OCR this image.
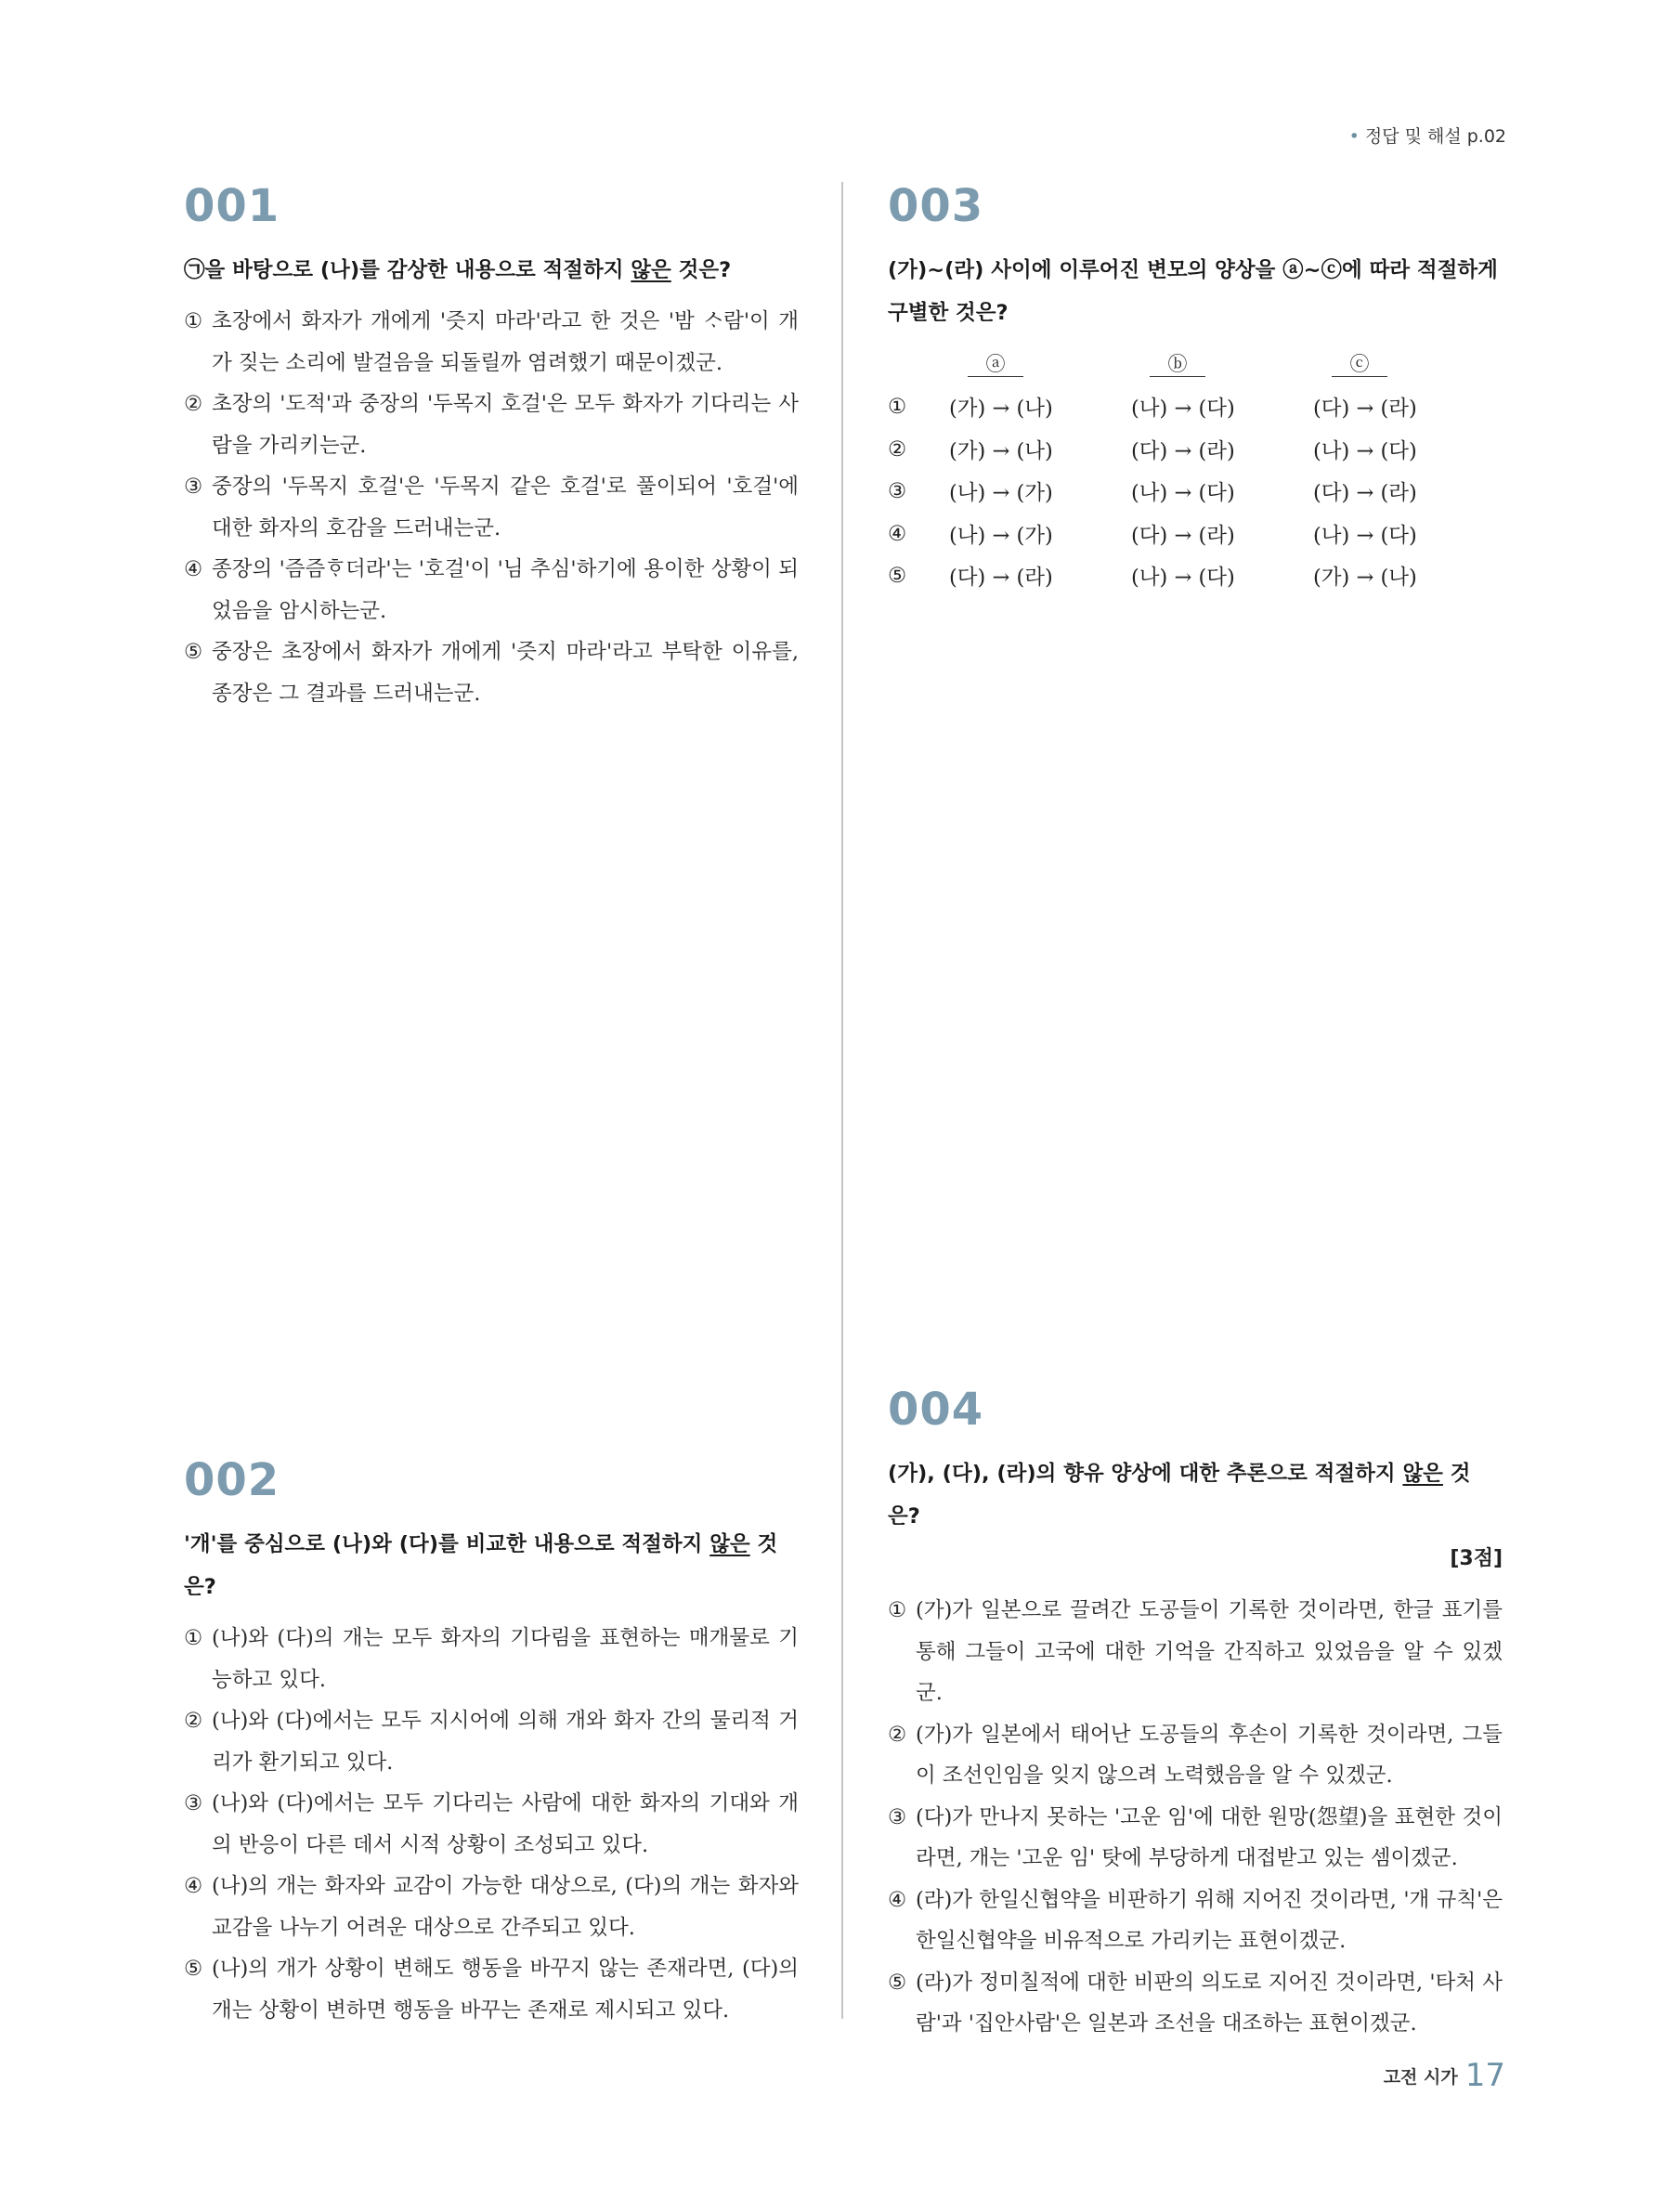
• 정답 및 해설 p.02
001
㉠을 바탕으로 (나)를 감상한 내용으로 적절하지 않은 것은?
① 초장에서 화자가 개에게 '즛지 마라'라고 한 것은 '밤 ᄉᆞ람'이 개가 짖는 소리에 발걸음을 되돌릴까 염려했기 때문이겠군.
② 초장의 '도적'과 중장의 '두목지 호걸'은 모두 화자가 기다리는 사람을 가리키는군.
③ 중장의 '두목지 호걸'은 '두목지 같은 호걸'로 풀이되어 '호걸'에 대한 화자의 호감을 드러내는군.
④ 종장의 '즘즘ᄒᆞ더라'는 '호걸'이 '님 추심'하기에 용이한 상황이 되었음을 암시하는군.
⑤ 중장은 초장에서 화자가 개에게 '즛지 마라'라고 부탁한 이유를, 종장은 그 결과를 드러내는군.
002
'개'를 중심으로 (나)와 (다)를 비교한 내용으로 적절하지 않은 것은?
① (나)와 (다)의 개는 모두 화자의 기다림을 표현하는 매개물로 기능하고 있다.
② (나)와 (다)에서는 모두 지시어에 의해 개와 화자 간의 물리적 거리가 환기되고 있다.
③ (나)와 (다)에서는 모두 기다리는 사람에 대한 화자의 기대와 개의 반응이 다른 데서 시적 상황이 조성되고 있다.
④ (나)의 개는 화자와 교감이 가능한 대상으로, (다)의 개는 화자와 교감을 나누기 어려운 대상으로 간주되고 있다.
⑤ (나)의 개가 상황이 변해도 행동을 바꾸지 않는 존재라면, (다)의 개는 상황이 변하면 행동을 바꾸는 존재로 제시되고 있다.
003
(가)~(라) 사이에 이루어진 변모의 양상을 ⓐ~ⓒ에 따라 적절하게 구별한 것은?
ⓐ	ⓑ	ⓒ
①	(가) → (나)	(나) → (다)	(다) → (라)
②	(가) → (나)	(다) → (라)	(나) → (다)
③	(나) → (가)	(나) → (다)	(다) → (라)
④	(나) → (가)	(다) → (라)	(나) → (다)
⑤	(다) → (라)	(나) → (다)	(가) → (나)
004
(가), (다), (라)의 향유 양상에 대한 추론으로 적절하지 않은 것은?
[3점]
① (가)가 일본으로 끌려간 도공들이 기록한 것이라면, 한글 표기를 통해 그들이 고국에 대한 기억을 간직하고 있었음을 알 수 있겠군.
② (가)가 일본에서 태어난 도공들의 후손이 기록한 것이라면, 그들이 조선인임을 잊지 않으려 노력했음을 알 수 있겠군.
③ (다)가 만나지 못하는 '고운 임'에 대한 원망(怨望)을 표현한 것이라면, 개는 '고운 임' 탓에 부당하게 대접받고 있는 셈이겠군.
④ (라)가 한일신협약을 비판하기 위해 지어진 것이라면, '개 규칙'은 한일신협약을 비유적으로 가리키는 표현이겠군.
⑤ (라)가 정미칠적에 대한 비판의 의도로 지어진 것이라면, '타처 사람'과 '집안사람'은 일본과 조선을 대조하는 표현이겠군.
고전 시가 17
